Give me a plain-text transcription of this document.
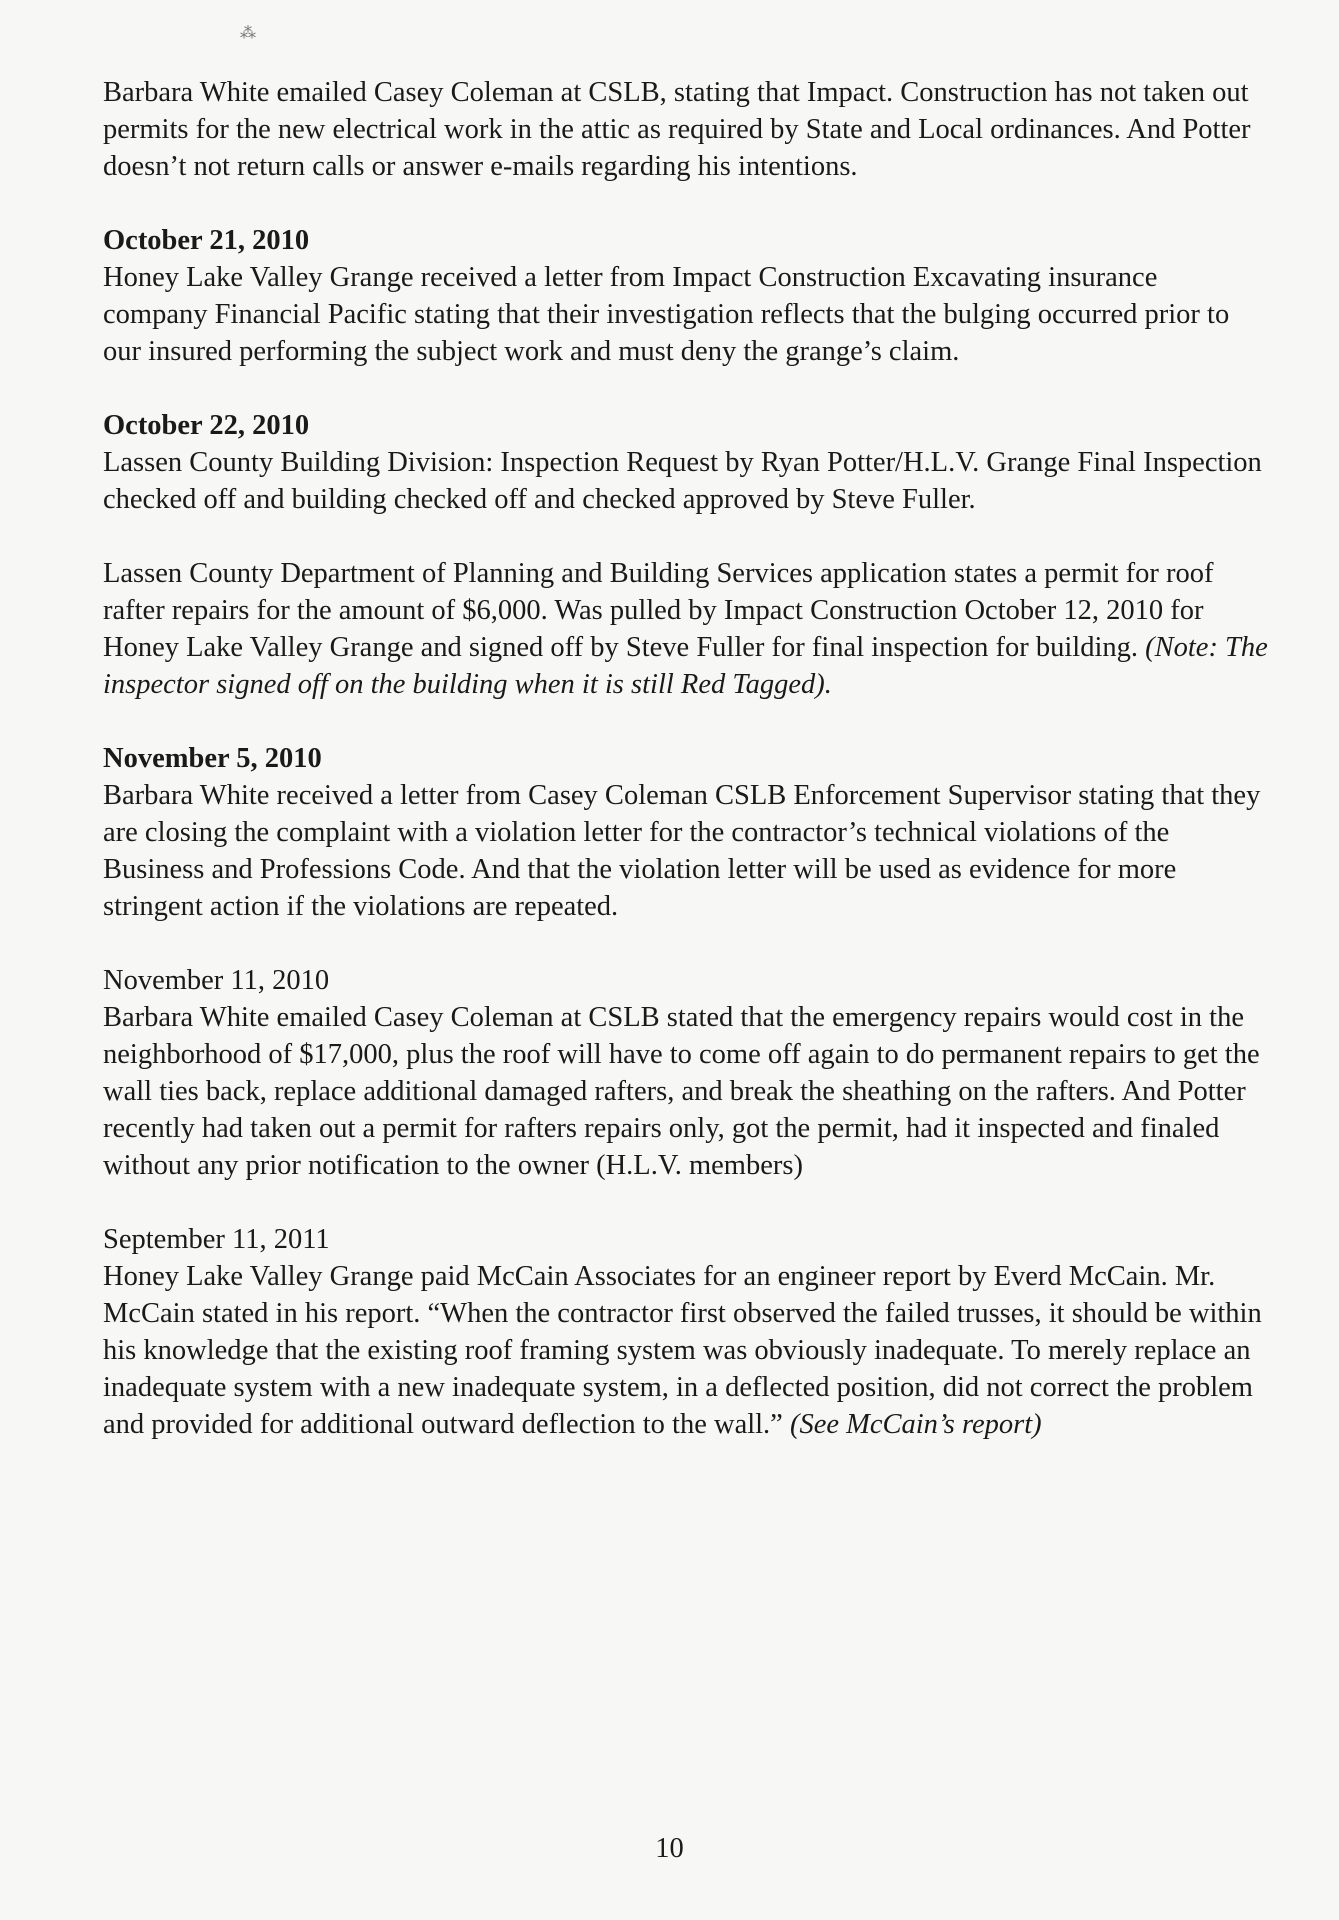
⁂
Barbara White emailed Casey Coleman at CSLB, stating that Impact. Construction has not taken out permits for the new electrical work in the attic as required by State and Local ordinances. And Potter doesn’t not return calls or answer e-mails regarding his intentions.
October 21, 2010
Honey Lake Valley Grange received a letter from Impact Construction Excavating insurance company Financial Pacific stating that their investigation reflects that the bulging occurred prior to our insured performing the subject work and must deny the grange’s claim.
October 22, 2010
Lassen County Building Division: Inspection Request by Ryan Potter/H.L.V. Grange Final Inspection checked off and building checked off and checked approved by Steve Fuller.
Lassen County Department of Planning and Building Services application states a permit for roof rafter repairs for the amount of $6,000. Was pulled by Impact Construction October 12, 2010 for Honey Lake Valley Grange and signed off by Steve Fuller for final inspection for building. (Note: The inspector signed off on the building when it is still Red Tagged).
November 5, 2010
Barbara White received a letter from Casey Coleman CSLB Enforcement Supervisor stating that they are closing the complaint with a violation letter for the contractor’s technical violations of the Business and Professions Code. And that the violation letter will be used as evidence for more stringent action if the violations are repeated.
November 11, 2010
Barbara White emailed Casey Coleman at CSLB stated that the emergency repairs would cost in the neighborhood of $17,000, plus the roof will have to come off again to do permanent repairs to get the wall ties back, replace additional damaged rafters, and break the sheathing on the rafters. And Potter recently had taken out a permit for rafters repairs only, got the permit, had it inspected and finaled without any prior notification to the owner (H.L.V. members)
September 11, 2011
Honey Lake Valley Grange paid McCain Associates for an engineer report by Everd McCain. Mr. McCain stated in his report. “When the contractor first observed the failed trusses, it should be within his knowledge that the existing roof framing system was obviously inadequate. To merely replace an inadequate system with a new inadequate system, in a deflected position, did not correct the problem and provided for additional outward deflection to the wall.” (See McCain’s report)
10
